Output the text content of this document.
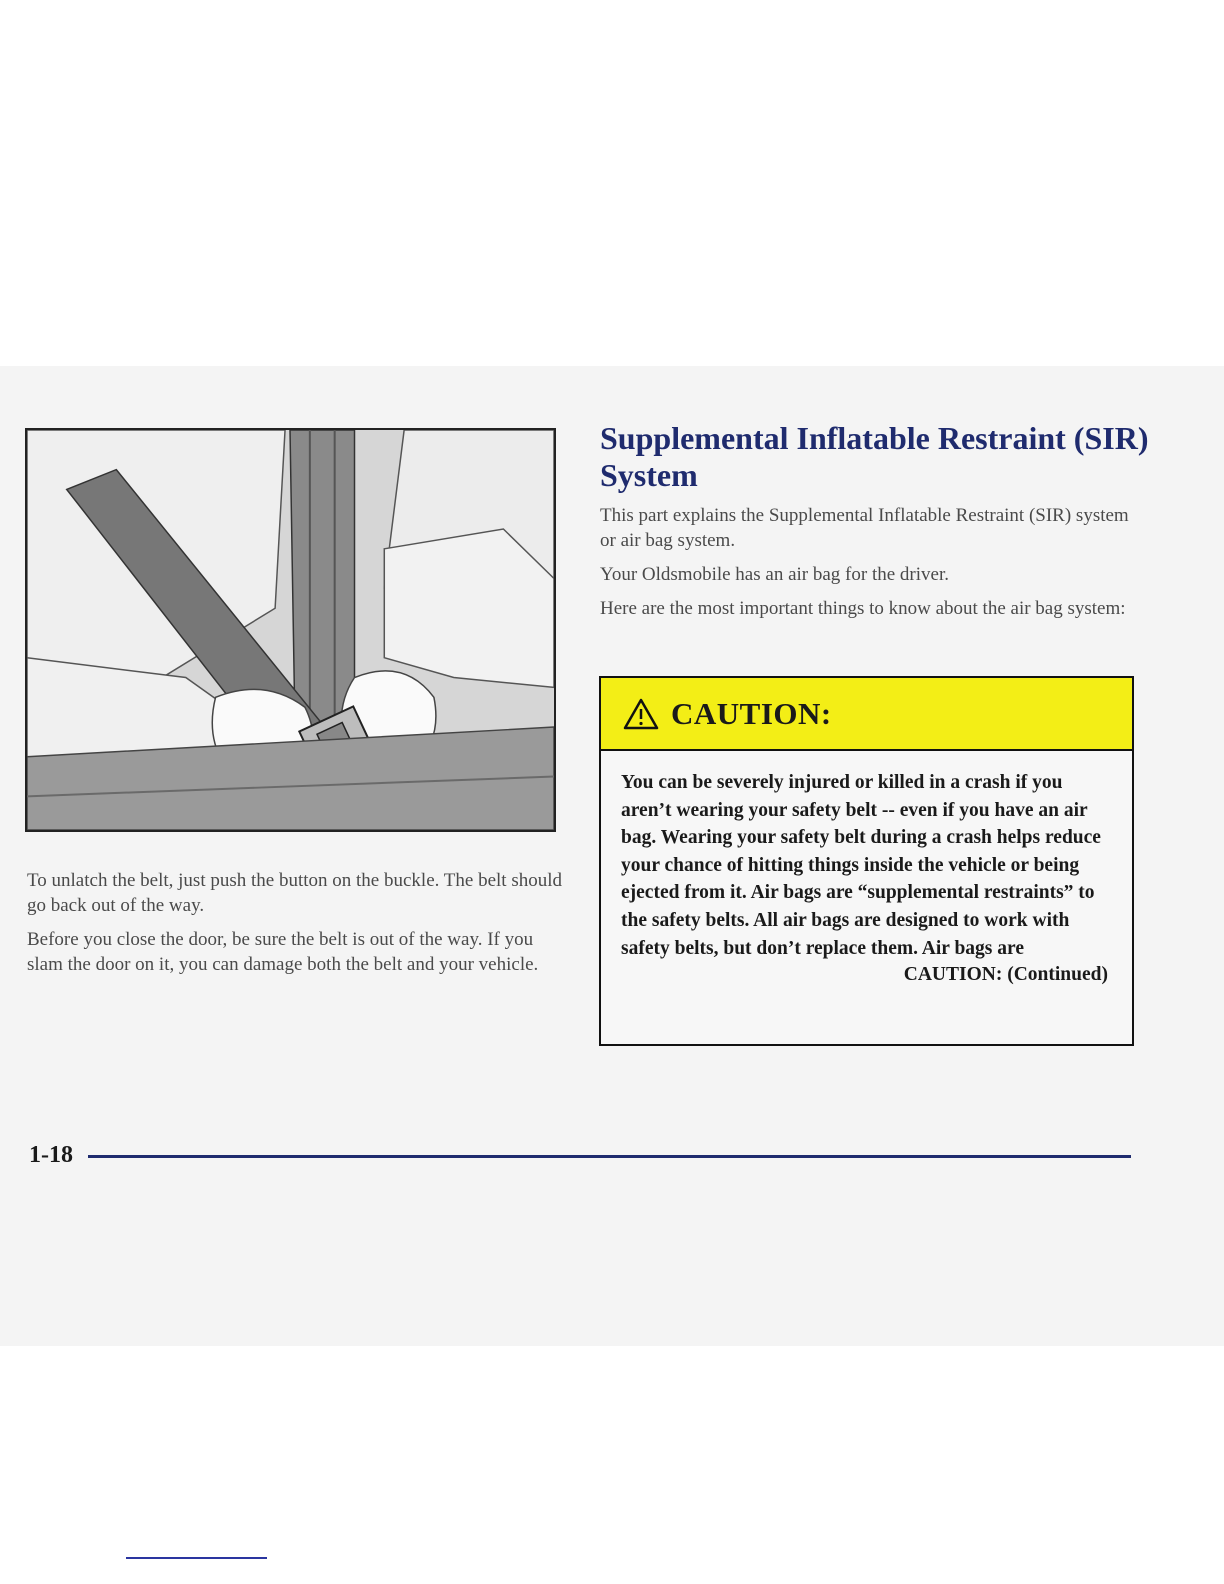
To unlatch the belt, just push the button on the buckle. The belt should go back out of the way.

Before you close the door, be sure the belt is out of the way. If you slam the door on it, you can damage both the belt and your vehicle.

Supplemental Inflatable Restraint (SIR) System

This part explains the Supplemental Inflatable Restraint (SIR) system or air bag system.

Your Oldsmobile has an air bag for the driver.

Here are the most important things to know about the air bag system:

CAUTION:
You can be severely injured or killed in a crash if you aren’t wearing your safety belt -- even if you have an air bag. Wearing your safety belt during a crash helps reduce your chance of hitting things inside the vehicle or being ejected from it. Air bags are “supplemental restraints” to the safety belts. All air bags are designed to work with safety belts, but don’t replace them. Air bags are
CAUTION: (Continued)
1-18
